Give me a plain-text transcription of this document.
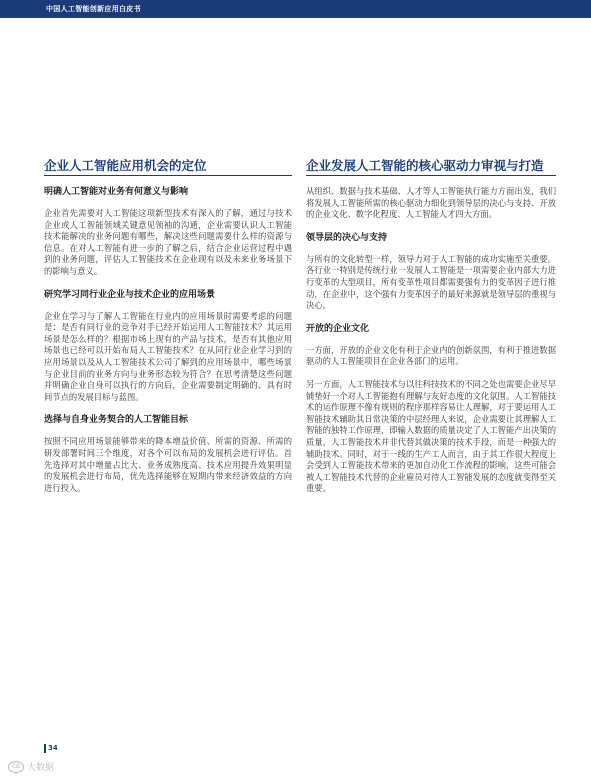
中国人工智能创新应用白皮书
企业人工智能应用机会的定位
明确人工智能对业务有何意义与影响

企业首先需要对人工智能这项新型技术有深入的了解，通过与技术企业或人工智能领域关键意见领袖的沟通，企业需要认识人工智能技术能解决的业务问题有哪些，解决这些问题需要什么样的资源与信息。在对人工智能有进一步的了解之后，结合企业运营过程中遇到的业务问题，评估人工智能技术在企业现有以及未来业务场景下的影响与意义。

研究学习同行业企业与技术企业的应用场景

企业在学习与了解人工智能在行业内的应用场景时需要考虑的问题是：是否有同行业的竞争对手已经开始运用人工智能技术？其运用场景是怎么样的？根据市场上现有的产品与技术，是否有其他应用场景也已经可以开始布局人工智能技术？在从同行业企业学习到的应用场景以及从人工智能技术公司了解到的应用场景中，哪些场景与企业目前的业务方向与业务形态较为符合？在思考清楚这些问题并明确企业自身可以执行的方向后，企业需要制定明确的、具有时间节点的发展目标与蓝图。

选择与自身业务契合的人工智能目标

按照不同应用场景能够带来的降本增益价值、所需的资源、所需的研发部署时间三个维度，对各个可以布局的发展机会进行评估。首先选择对其中增量占比大、业务成熟度高、技术应用提升效果明显的发展机会进行布局，优先选择能够在短期内带来经济效益的方向进行投入。

企业发展人工智能的核心驱动力审视与打造

从组织、数据与技术基础、人才等人工智能执行能力方面出发，我们将发展人工智能所需的核心驱动力细化到领导层的决心与支持、开放的企业文化、数字化程度、人工智能人才四大方面。

领导层的决心与支持

与所有的文化转型一样，领导力对于人工智能的成功实施至关重要。各行业一特别是传统行业一发展人工智能是一项需要企业内部大力进行变革的大型项目，所有变革性项目都需要强有力的变革因子进行推动，在企业中，这个强有力变革因子的最好来源就是领导层的重视与决心。

开放的企业文化

一方面，开放的企业文化有利于企业内的创新氛围，有利于推进数据驱动的人工智能项目在企业各部门的运用。

另一方面，人工智能技术与以往科技技术的不同之处也需要企业尽早铺垫好一个对人工智能抱有理解与友好态度的文化氛围。人工智能技术的运作原理不像有规则的程序那样容易让人理解，对于要运用人工智能技术辅助其日常决策的中层经理人来说，企业需要让其理解人工智能的独特工作原理，即输入数据的质量决定了人工智能产出决策的质量，人工智能技术并非代替其做决策的技术手段，而是一种强大的辅助技术。同时，对于一线的生产工人而言，由于其工作很大程度上会受到人工智能技术带来的更加自动化工作流程的影响，这些可能会被人工智能技术代替的企业雇员对待人工智能发展的态度就变得至关重要。

34
CB 大数据
